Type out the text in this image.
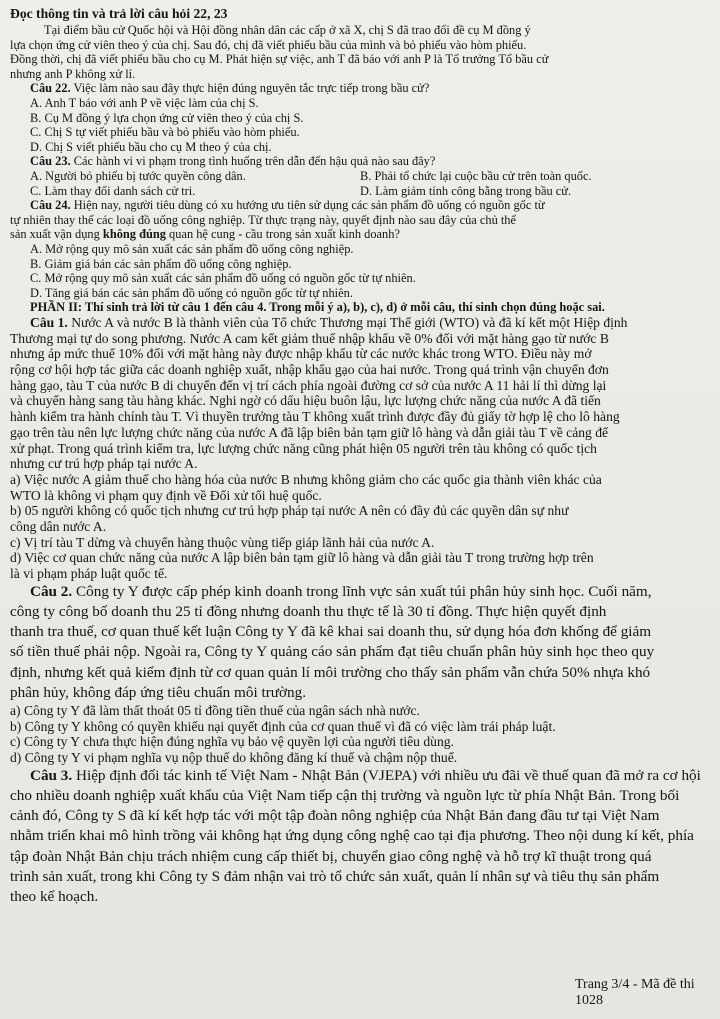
Đọc thông tin và trả lời câu hỏi 22, 23

Tại điểm bầu cử Quốc hội và Hội đồng nhân dân các cấp ở xã X, chị S đã trao đổi đề cụ M đồng ý

lựa chọn ứng cử viên theo ý của chị. Sau đó, chị đã viết phiếu bầu của mình và bỏ phiếu vào hòm phiếu.

Đồng thời, chị đã viết phiếu bầu cho cụ M. Phát hiện sự việc, anh T đã báo với anh P là Tổ trưởng Tổ bầu cử

nhưng anh P không xử lí.

Câu 22. Việc làm nào sau đây thực hiện đúng nguyên tắc trực tiếp trong bầu cử?

A. Anh T báo với anh P về việc làm của chị S.

B. Cụ M đồng ý lựa chọn ứng cử viên theo ý của chị S.

C. Chị S tự viết phiếu bầu và bỏ phiếu vào hòm phiếu.

D. Chị S viết phiếu bầu cho cụ M theo ý của chị.

Câu 23. Các hành vi vi phạm trong tình huống trên dẫn đến hậu quả nào sau đây?

A. Người bỏ phiếu bị tước quyền công dân.

C. Làm thay đổi danh sách cử tri.

B. Phải tổ chức lại cuộc bầu cử trên toàn quốc.

D. Làm giảm tính công bằng trong bầu cử.

Câu 24. Hiện nay, người tiêu dùng có xu hướng ưu tiên sử dụng các sản phẩm đồ uống có nguồn gốc từ

tự nhiên thay thế các loại đồ uống công nghiệp. Từ thực trạng này, quyết định nào sau đây của chủ thể

sản xuất vận dụng không đúng quan hệ cung - cầu trong sản xuất kinh doanh?

A. Mở rộng quy mô sản xuất các sản phẩm đồ uống công nghiệp.

B. Giảm giá bán các sản phẩm đồ uống công nghiệp.

C. Mở rộng quy mô sản xuất các sản phẩm đồ uống có nguồn gốc từ tự nhiên.

D. Tăng giá bán các sản phẩm đồ uống có nguồn gốc từ tự nhiên.

PHẦN II: Thí sinh trả lời từ câu 1 đến câu 4. Trong mỗi ý a), b), c), d) ở mỗi câu, thí sinh chọn đúng hoặc sai.

Câu 1. Nước A và nước B là thành viên của Tổ chức Thương mại Thế giới (WTO) và đã kí kết một Hiệp định

Thương mại tự do song phương. Nước A cam kết giảm thuế nhập khẩu về 0% đối với mặt hàng gạo từ nước B

nhưng áp mức thuế 10% đối với mặt hàng này được nhập khẩu từ các nước khác trong WTO. Điều này mở

rộng cơ hội hợp tác giữa các doanh nghiệp xuất, nhập khẩu gạo của hai nước. Trong quá trình vận chuyển đơn

hàng gạo, tàu T của nước B di chuyển đến vị trí cách phía ngoài đường cơ sở của nước A 11 hải lí thì dừng lại

và chuyển hàng sang tàu hàng khác. Nghi ngờ có dấu hiệu buôn lậu, lực lượng chức năng của nước A đã tiến

hành kiểm tra hành chính tàu T. Vì thuyền trưởng tàu T không xuất trình được đầy đủ giấy tờ hợp lệ cho lô hàng

gạo trên tàu nên lực lượng chức năng của nước A đã lập biên bản tạm giữ lô hàng và dẫn giải tàu T về cảng để

xử phạt. Trong quá trình kiểm tra, lực lượng chức năng cũng phát hiện 05 người trên tàu không có quốc tịch

nhưng cư trú hợp pháp tại nước A.

a) Việc nước A giảm thuế cho hàng hóa của nước B nhưng không giảm cho các quốc gia thành viên khác của

WTO là không vi phạm quy định về Đối xử tối huệ quốc.

b) 05 người không có quốc tịch nhưng cư trú hợp pháp tại nước A nên có đầy đủ các quyền dân sự như

công dân nước A.

c) Vị trí tàu T dừng và chuyển hàng thuộc vùng tiếp giáp lãnh hải của nước A.

d) Việc cơ quan chức năng của nước A lập biên bản tạm giữ lô hàng và dẫn giải tàu T trong trường hợp trên

là vi phạm pháp luật quốc tế.

Câu 2. Công ty Y được cấp phép kinh doanh trong lĩnh vực sản xuất túi phân hủy sinh học. Cuối năm,

công ty công bố doanh thu 25 tỉ đồng nhưng doanh thu thực tế là 30 tỉ đồng. Thực hiện quyết định

thanh tra thuế, cơ quan thuế kết luận Công ty Y đã kê khai sai doanh thu, sử dụng hóa đơn khống để giảm

số tiền thuế phải nộp. Ngoài ra, Công ty Y quảng cáo sản phẩm đạt tiêu chuẩn phân hủy sinh học theo quy

định, nhưng kết quả kiểm định từ cơ quan quản lí môi trường cho thấy sản phẩm vẫn chứa 50% nhựa khó

phân hủy, không đáp ứng tiêu chuẩn môi trường.

a) Công ty Y đã làm thất thoát 05 tỉ đồng tiền thuế của ngân sách nhà nước.

b) Công ty Y không có quyền khiếu nại quyết định của cơ quan thuế vì đã có việc làm trái pháp luật.

c) Công ty Y chưa thực hiện đúng nghĩa vụ bảo vệ quyền lợi của người tiêu dùng.

d) Công ty Y vi phạm nghĩa vụ nộp thuế do không đăng kí thuế và chậm nộp thuế.

Câu 3. Hiệp định đối tác kinh tế Việt Nam - Nhật Bản (VJEPA) với nhiều ưu đãi về thuế quan đã mở ra cơ hội

cho nhiều doanh nghiệp xuất khẩu của Việt Nam tiếp cận thị trường và nguồn lực từ phía Nhật Bản. Trong bối

cảnh đó, Công ty S đã kí kết hợp tác với một tập đoàn nông nghiệp của Nhật Bản đang đầu tư tại Việt Nam

nhằm triển khai mô hình trồng vải không hạt ứng dụng công nghệ cao tại địa phương. Theo nội dung kí kết, phía

tập đoàn Nhật Bản chịu trách nhiệm cung cấp thiết bị, chuyển giao công nghệ và hỗ trợ kĩ thuật trong quá

trình sản xuất, trong khi Công ty S đảm nhận vai trò tổ chức sản xuất, quản lí nhân sự và tiêu thụ sản phẩm

theo kế hoạch.

Trang 3/4 - Mã đề thi 1028
